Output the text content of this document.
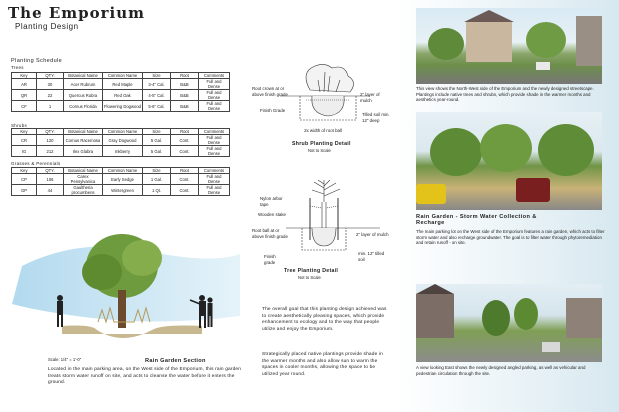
The Emporium
Planting Design
Planting Schedule
Trees
Key	QTY.	Botanical Name	Common Name	Size	Root	Comments
AR	30	Acer Rubrum	Red Maple	3-4" Cal.	B&B	Full and Dense
QR	22	Quercus Rubra	Red Oak	4-5" Cal.	B&B	Full and Dense
CF	1	Cornus Florida	Flowering Dogwood	5-6" Cal.	B&B	Full and Dense
Shrubs
Key	QTY.	Botanical Name	Common Name	Size	Root	Comments
CR	120	Cornus Racemosa	Gray Dogwood	5 Gal.	Cont.	Full and Dense
IG	212	Ilex Glabra	Inkberry	5 Gal.	Cont.	Full and Dense
Grasses & Perennials
Key	QTY.	Botanical Name	Common Name	Size	Root	Comments
CP	106	Carex Pensylvanica	Early Sedge	1 Gal.	Cont.	Full and Dense
GP	44	Gaultheria procumbens	Wintergreen	1 Qt.	Cont.	Full and Dense
Root crown at or above finish grade	2" layer of mulch
Finish Grade
Tilled soil min. 12" deep
2x width of root ball
Shrub Planting Detail
Not to Scale
Nylon arbor tape
Wooden stake
Root ball at or above finish grade	2" layer of mulch
Finish grade
min. 12" tilled soil
Tree Planting Detail
Not to Scale
The overall goal that this planting design achieved was to create aesthetically pleasing spaces, which provide enhancement to ecology and to the way that people utilize and enjoy the Emporium.
Strategically placed native plantings provide shade in the warmer months and also allow sun to warm the spaces in cooler months, allowing the space to be utilized year round.
Scale: 1/4" = 1'-0"	Rain Garden Section
Located in the main parking area, on the West side of the Emporium, this rain garden treats storm water runoff on site, and acts to cleanse the water before it enters the ground.
This view shows the North-West side of the Emporium and the newly designed streetscape. Plantings include native trees and shrubs, which provide shade in the warmer months and aesthetics year-round.
Rain Garden - Storm Water Collection & Recharge
The main parking lot on the West side of the Emporium features a rain garden, which acts to filter storm water and also recharge groundwater. The goal is to filter water through phytoremediation and retain runoff - on site.
A view looking East shows the newly designed angled parking, as well as vehicular and pedestrian circulation through the site.
